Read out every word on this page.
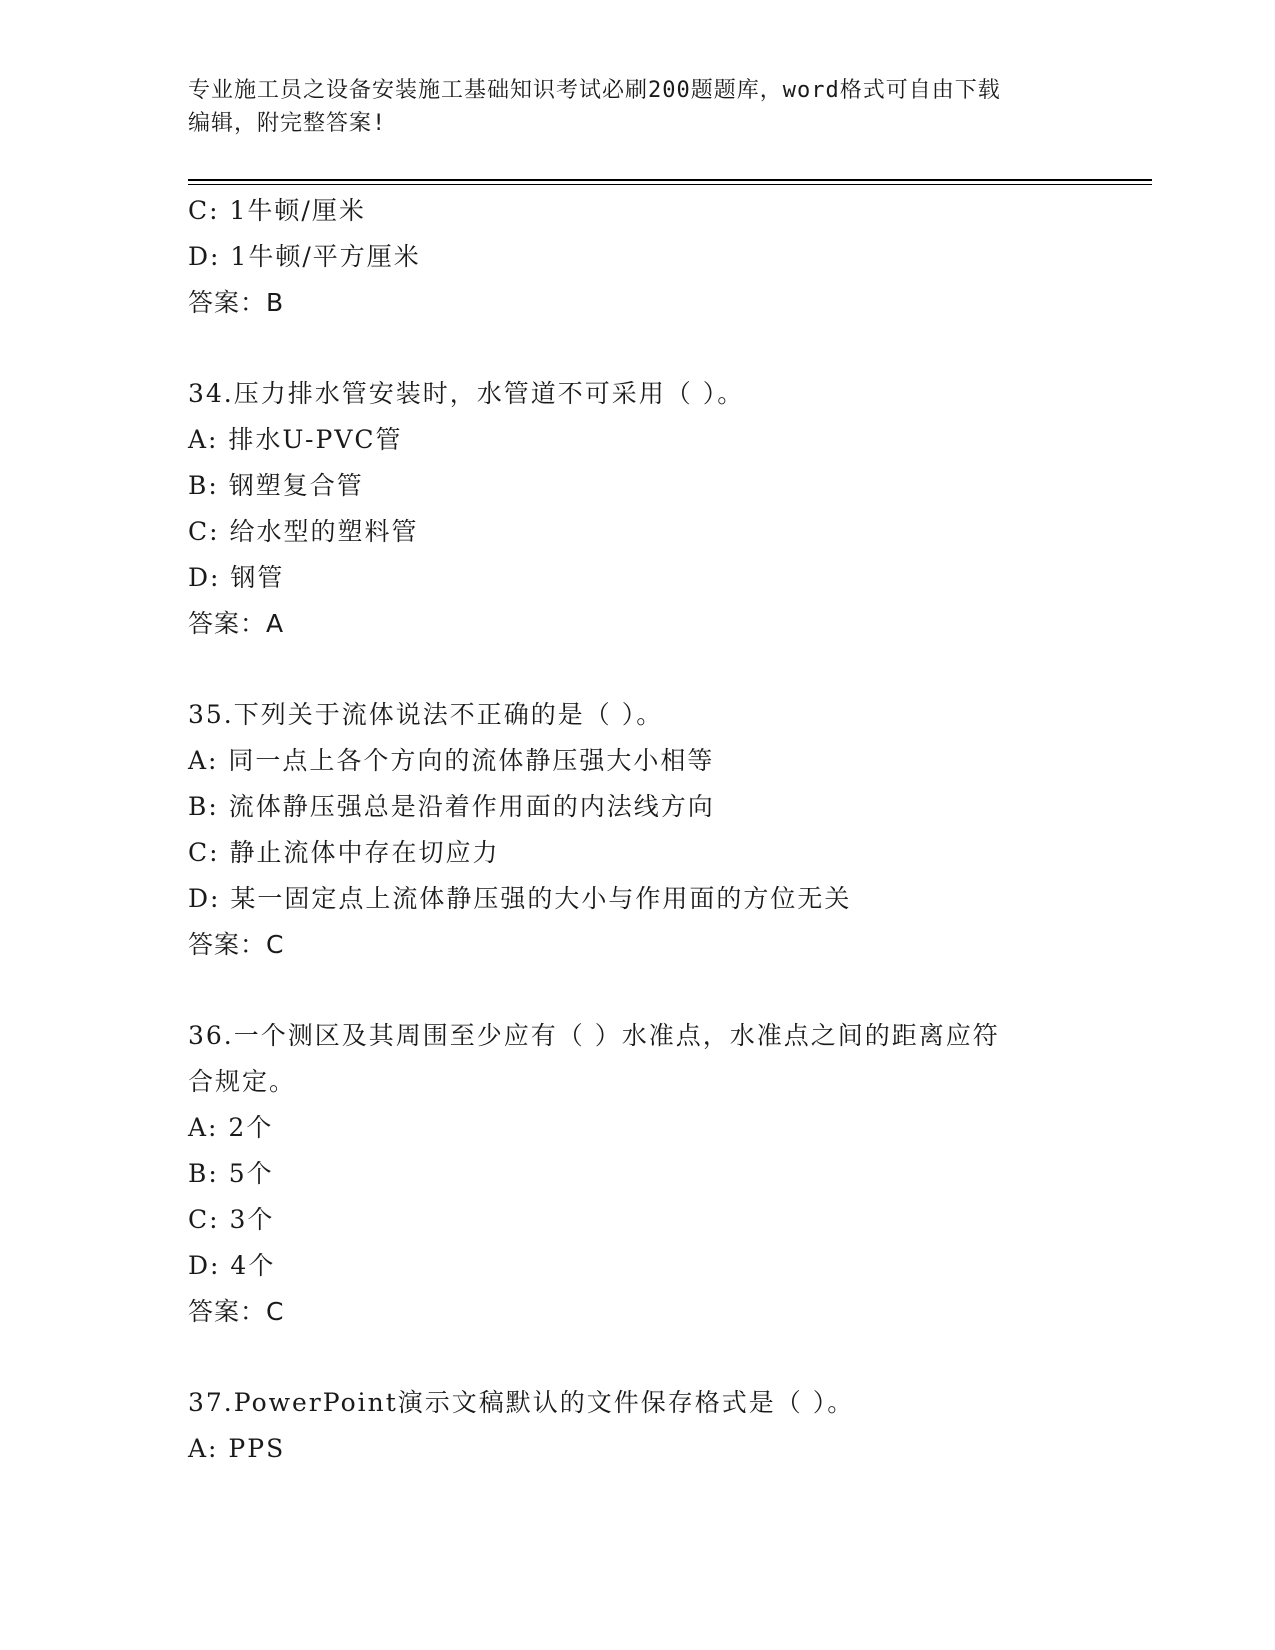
专业施工员之设备安装施工基础知识考试必刷200题题库，word格式可自由下载
编辑，附完整答案!
C: 1牛顿/厘米
D: 1牛顿/平方厘米
答案：B
34.压力排水管安装时，水管道不可采用（ ）。
A: 排水U-PVC管
B: 钢塑复合管
C: 给水型的塑料管
D: 钢管
答案：A
35.下列关于流体说法不正确的是（ ）。
A: 同一点上各个方向的流体静压强大小相等
B: 流体静压强总是沿着作用面的内法线方向
C: 静止流体中存在切应力
D: 某一固定点上流体静压强的大小与作用面的方位无关
答案：C
36.一个测区及其周围至少应有（ ）水准点，水准点之间的距离应符
合规定。
A: 2个
B: 5个
C: 3个
D: 4个
答案：C
37.PowerPoint演示文稿默认的文件保存格式是（ ）。
A: PPS
